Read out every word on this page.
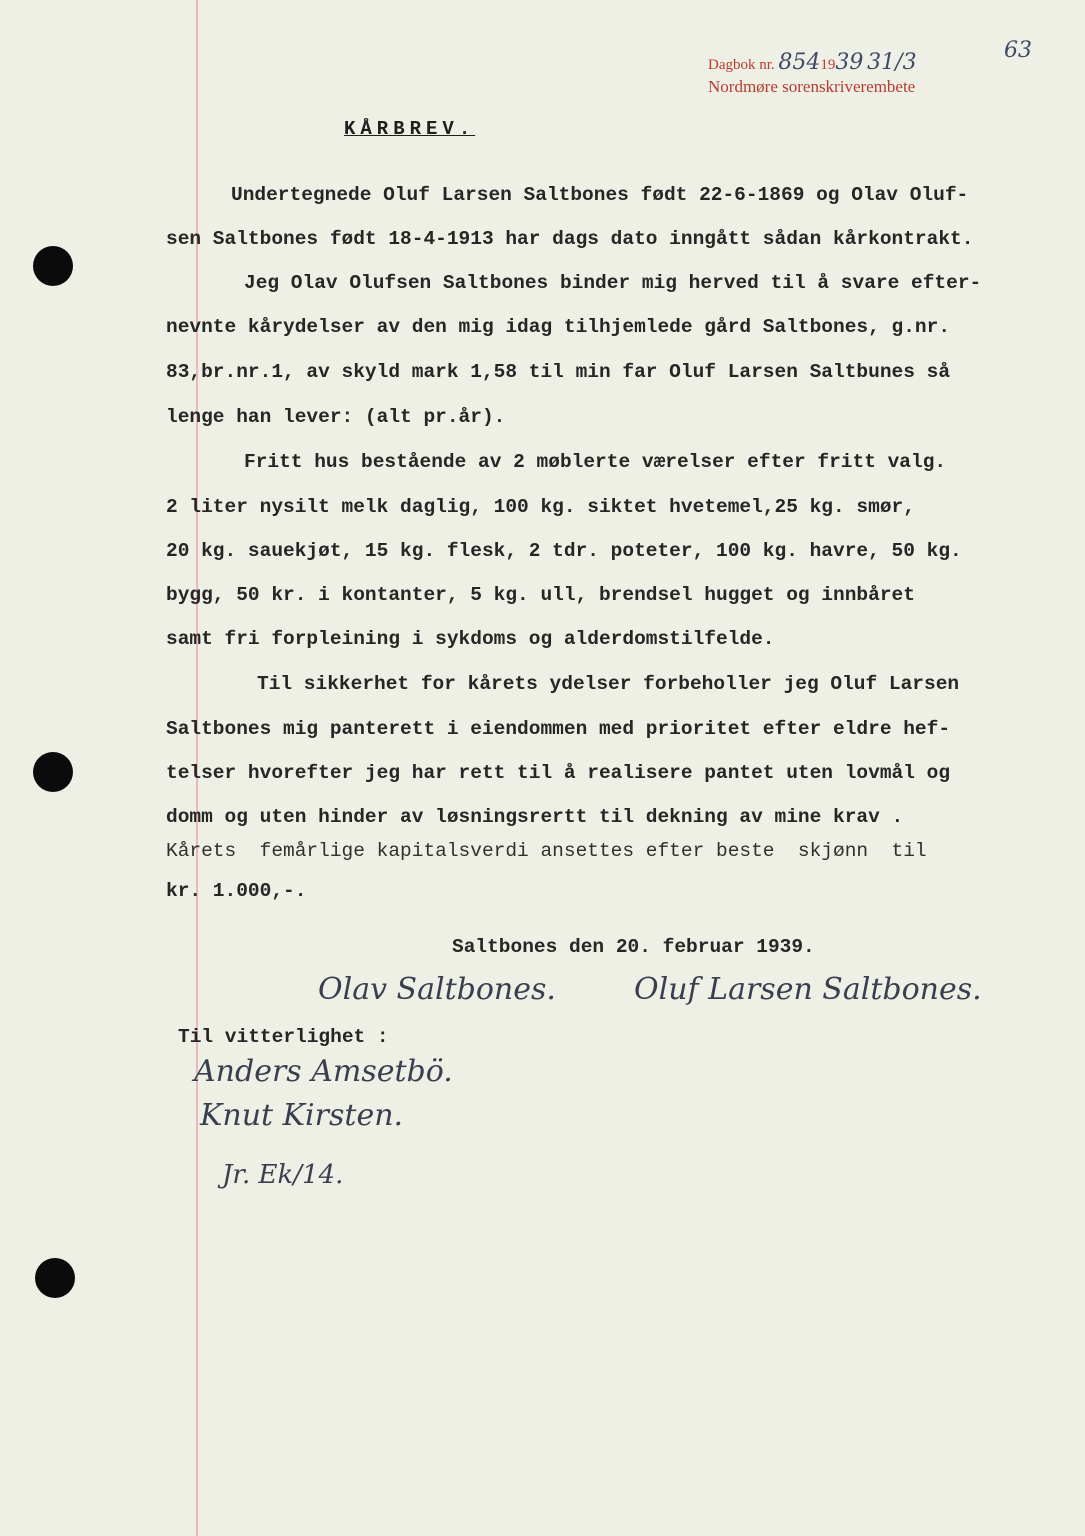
Dagbok nr. 8541939 31/3
Nordmøre sorenskriverembete
63
KÅRBREV.
Undertegnede Oluf Larsen Saltbones født 22-6-1869 og Olav Oluf-
sen Saltbones født 18-4-1913 har dags dato inngått sådan kårkontrakt.
Jeg Olav Olufsen Saltbones binder mig herved til å svare efter-
nevnte kårydelser av den mig idag tilhjemlede gård Saltbones, g.nr.
83,br.nr.1, av skyld mark 1,58 til min far Oluf Larsen Saltbunes så
lenge han lever: (alt pr.år).
Fritt hus bestående av 2 møblerte værelser efter fritt valg.
2 liter nysilt melk daglig, 100 kg. siktet hvetemel,25 kg. smør,
20 kg. sauekjøt, 15 kg. flesk, 2 tdr. poteter, 100 kg. havre, 50 kg.
bygg, 50 kr. i kontanter, 5 kg. ull, brendsel hugget og innbåret
samt fri forpleining i sykdoms og alderdomstilfelde.
Til sikkerhet for kårets ydelser forbeholler jeg Oluf Larsen
Saltbones mig panterett i eiendommen med prioritet efter eldre hef-
telser hvorefter jeg har rett til å realisere pantet uten lovmål og
domm og uten hinder av løsningsrertt til dekning av mine krav .
Kårets  femårlige kapitalsverdi ansettes efter beste  skjønn  til
kr. 1.000,-.
Saltbones den 20. februar 1939.
Olav Saltbones.	Oluf Larsen Saltbones.
Til vitterlighet :
Anders Amsetbö.
Knut Kirsten.
Jr. Ek/14.
